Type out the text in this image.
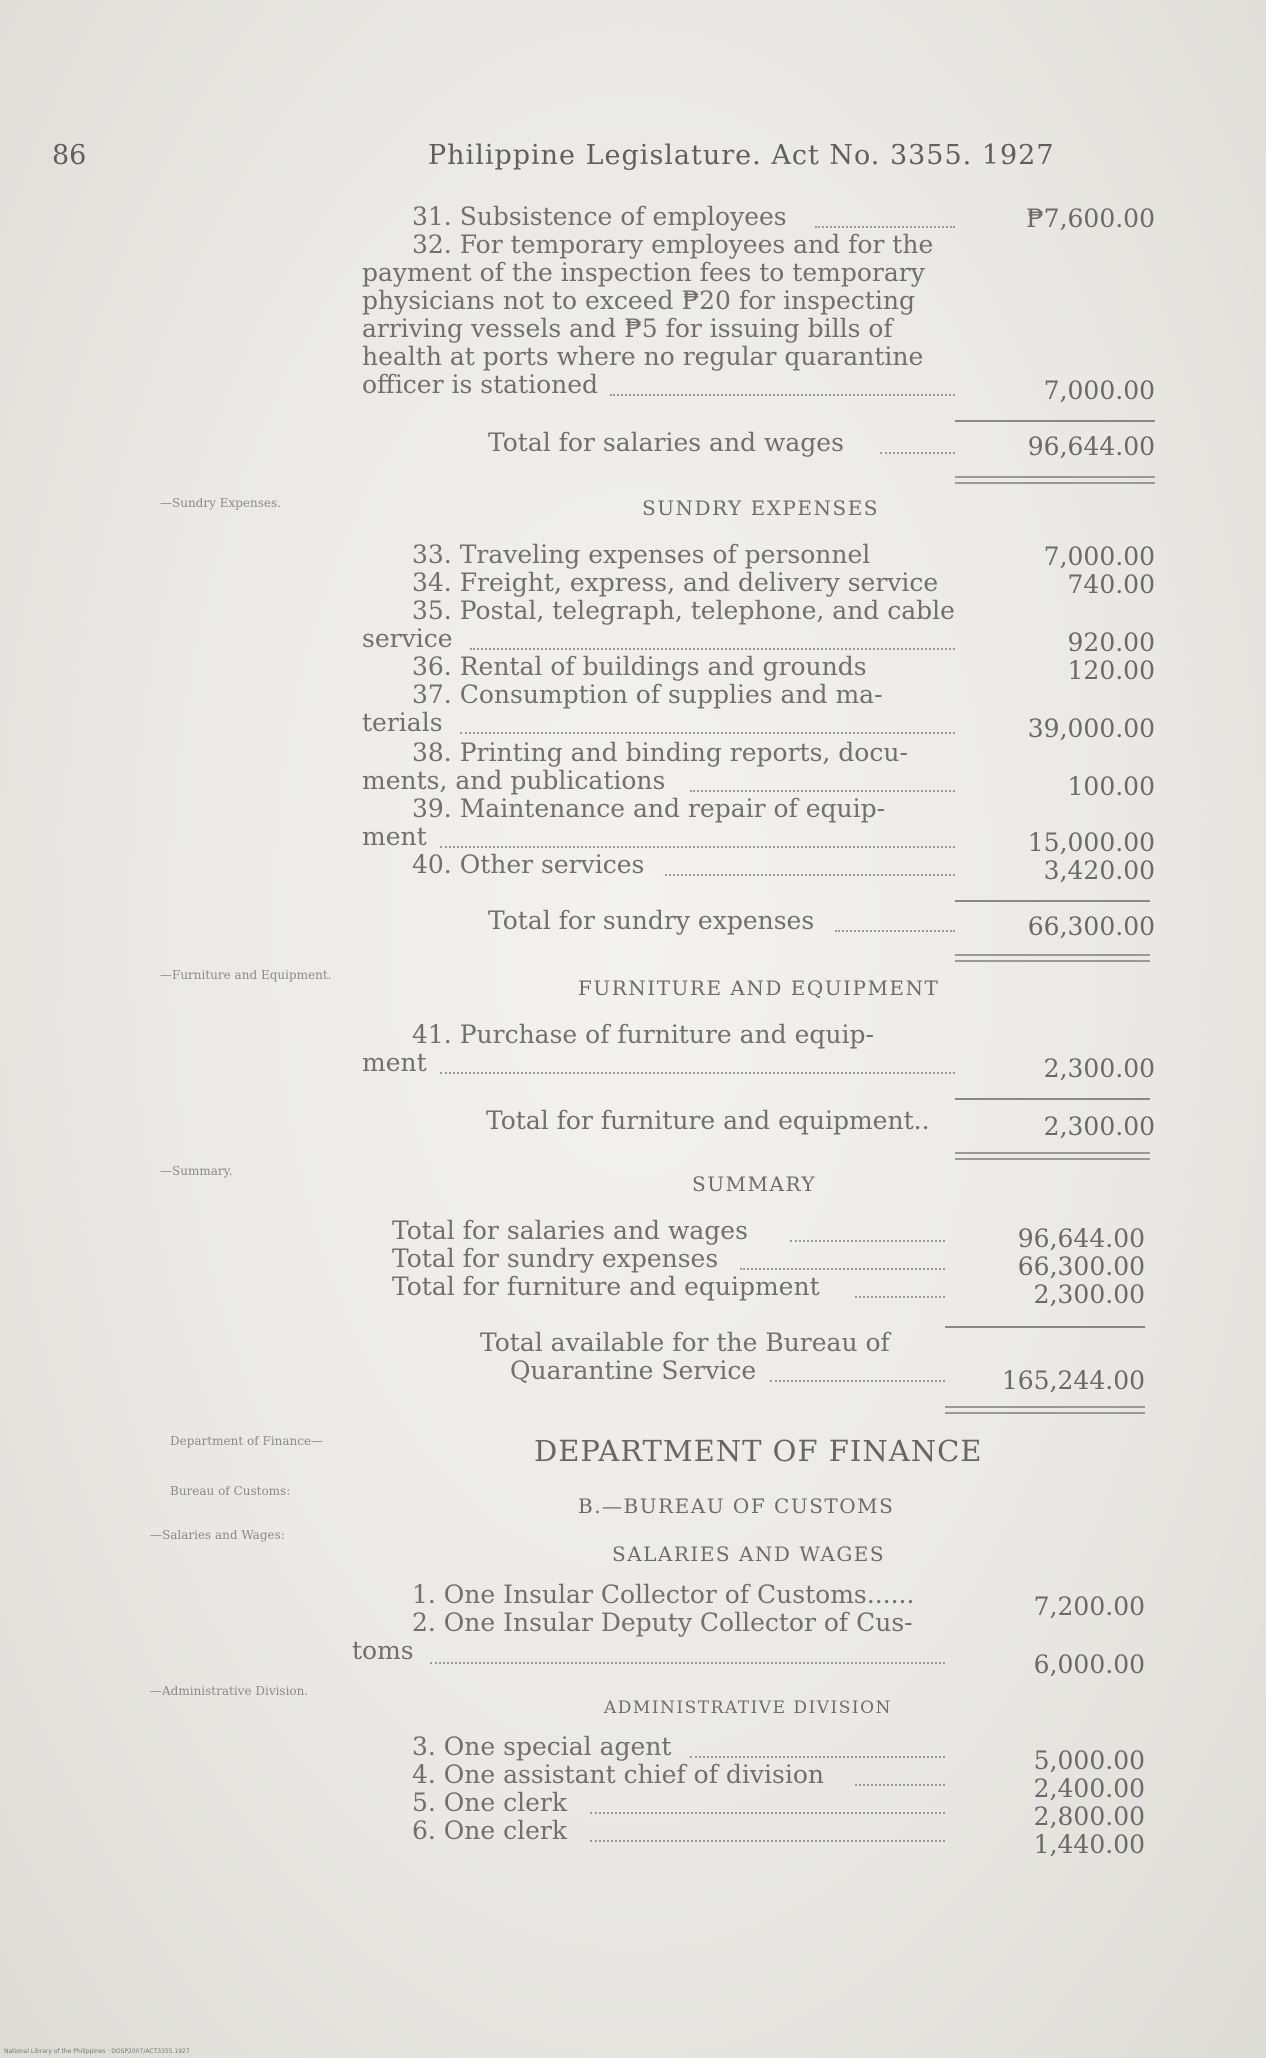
86	Philippine Legislature. Act No. 3355. 1927
31. Subsistence of employees	₱7,600.00
32. For temporary employees and for the
payment of the inspection fees to temporary
physicians not to exceed ₱20 for inspecting
arriving vessels and ₱5 for issuing bills of
health at ports where no regular quarantine
officer is stationed	7,000.00
Total for salaries and wages	96,644.00
—Sundry Expenses.	SUNDRY EXPENSES
33. Traveling expenses of personnel	7,000.00
34. Freight, express, and delivery service	740.00
35. Postal, telegraph, telephone, and cable
service	920.00
36. Rental of buildings and grounds	120.00
37. Consumption of supplies and ma-
terials	39,000.00
38. Printing and binding reports, docu-
ments, and publications	100.00
39. Maintenance and repair of equip-
ment	15,000.00
40. Other services	3,420.00
Total for sundry expenses	66,300.00
—Furniture and Equipment.
FURNITURE AND EQUIPMENT
41. Purchase of furniture and equip-
ment	2,300.00
Total for furniture and equipment..	2,300.00
—Summary.
SUMMARY
Total for salaries and wages	96,644.00
Total for sundry expenses	66,300.00
Total for furniture and equipment	2,300.00
Total available for the Bureau of
Quarantine Service	165,244.00
Department of Finance—	DEPARTMENT OF FINANCE
Bureau of Customs:
B.—BUREAU OF CUSTOMS
—Salaries and Wages:
SALARIES AND WAGES
1. One Insular Collector of Customs......	7,200.00
2. One Insular Deputy Collector of Cus-
toms	6,000.00
—Administrative Division.
ADMINISTRATIVE DIVISION
3. One special agent	5,000.00
4. One assistant chief of division	2,400.00
5. One clerk	2,800.00
6. One clerk	1,440.00
National Library of the Philippines · DOSP2007/ACT3355.1927
